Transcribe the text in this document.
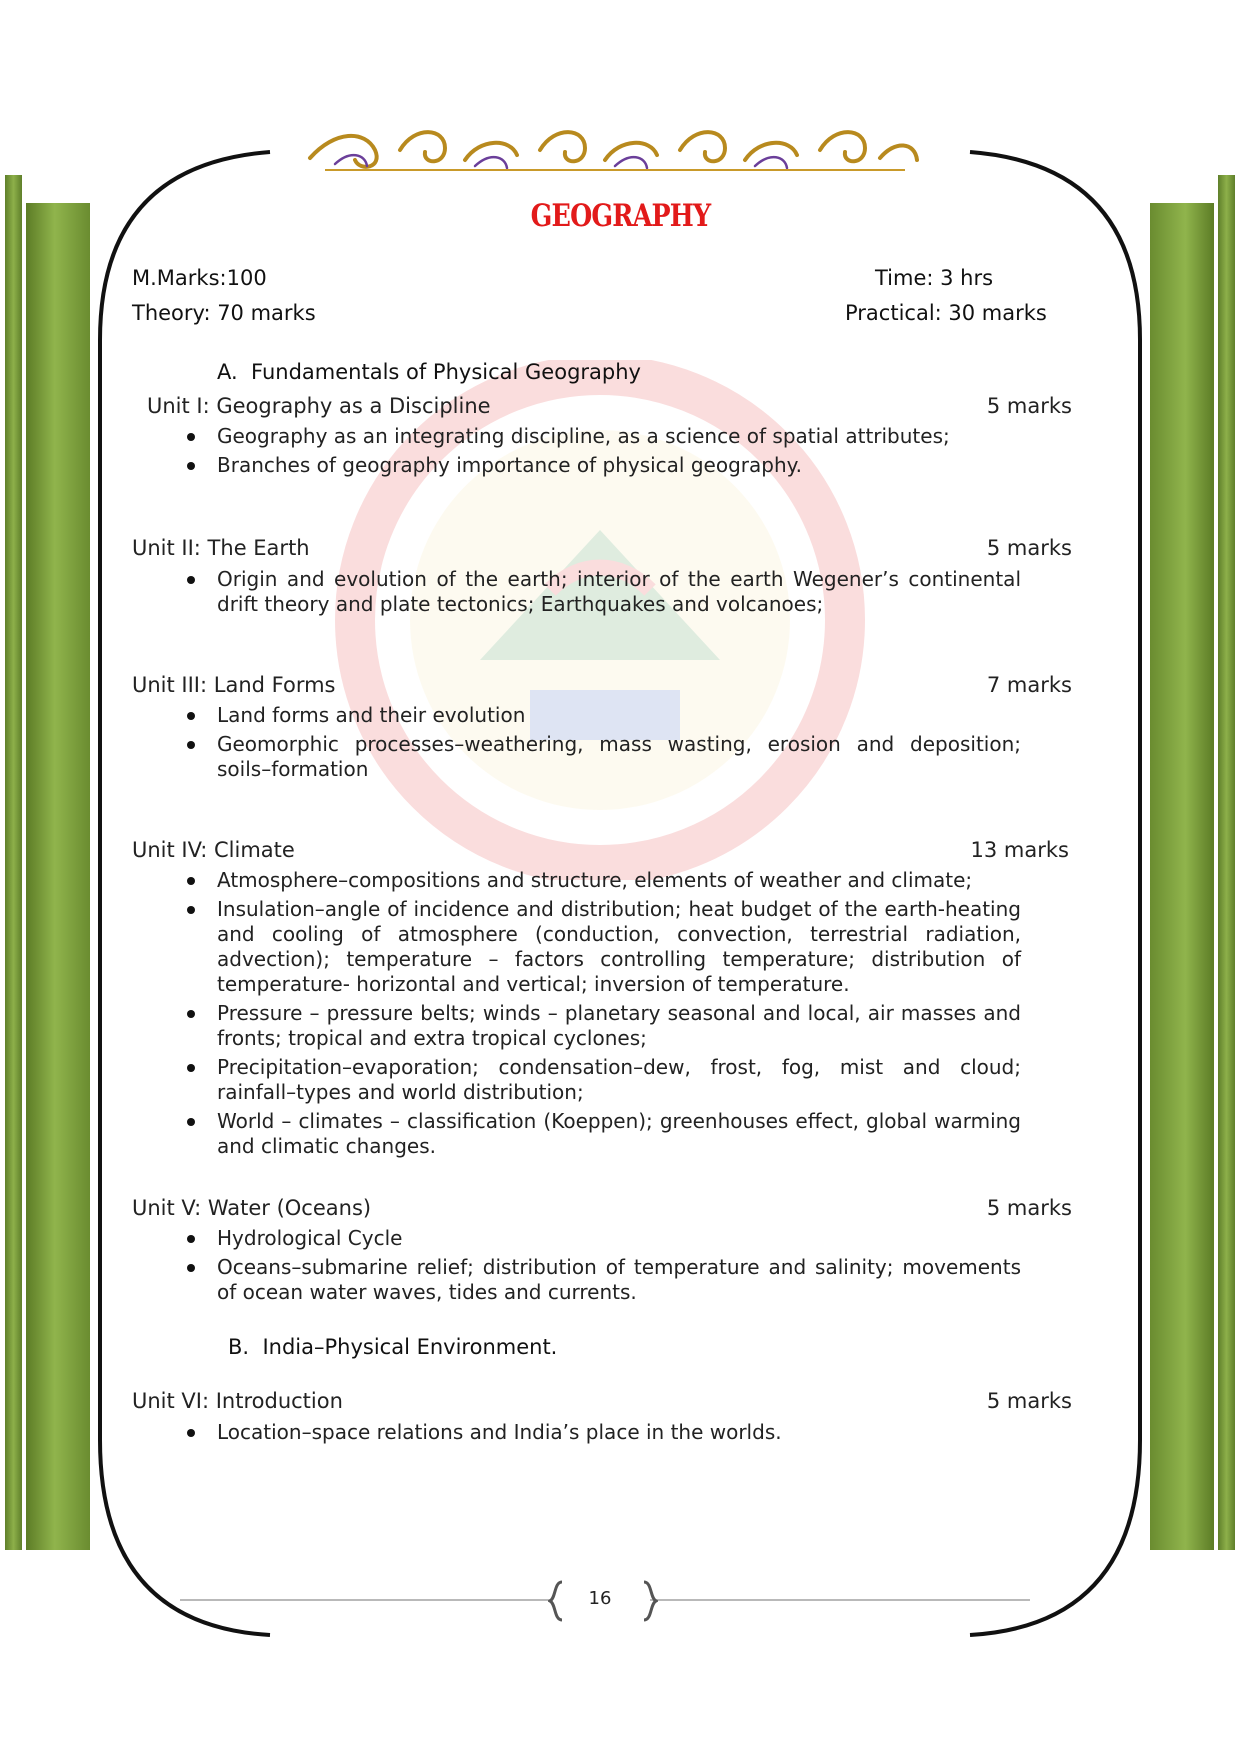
GEOGRAPHY
M.Marks:100	Time: 3 hrs
Theory: 70 marks	Practical: 30 marks
A. Fundamentals of Physical Geography
Unit I: Geography as a Discipline	5 marks
Geography as an integrating discipline, as a science of spatial attributes;
Branches of geography importance of physical geography.
Unit II: The Earth	5 marks
Origin and evolution of the earth; interior of the earth Wegener’s continental drift theory and plate tectonics; Earthquakes and volcanoes;
Unit III: Land Forms	7 marks
Land forms and their evolution
Geomorphic processes–weathering, mass wasting, erosion and deposition; soils–formation
Unit IV: Climate	13 marks
Atmosphere–compositions and structure, elements of weather and climate;
Insulation–angle of incidence and distribution; heat budget of the earth-heating and cooling of atmosphere (conduction, convection, terrestrial radiation, advection); temperature – factors controlling temperature; distribution of temperature- horizontal and vertical; inversion of temperature.
Pressure – pressure belts; winds – planetary seasonal and local, air masses and fronts; tropical and extra tropical cyclones;
Precipitation–evaporation; condensation–dew, frost, fog, mist and cloud; rainfall–types and world distribution;
World – climates – classification (Koeppen); greenhouses effect, global warming and climatic changes.
Unit V: Water (Oceans)	5 marks
Hydrological Cycle
Oceans–submarine relief; distribution of temperature and salinity; movements of ocean water waves, tides and currents.
B. India–Physical Environment.
Unit VI: Introduction	5 marks
Location–space relations and India’s place in the worlds.
16
